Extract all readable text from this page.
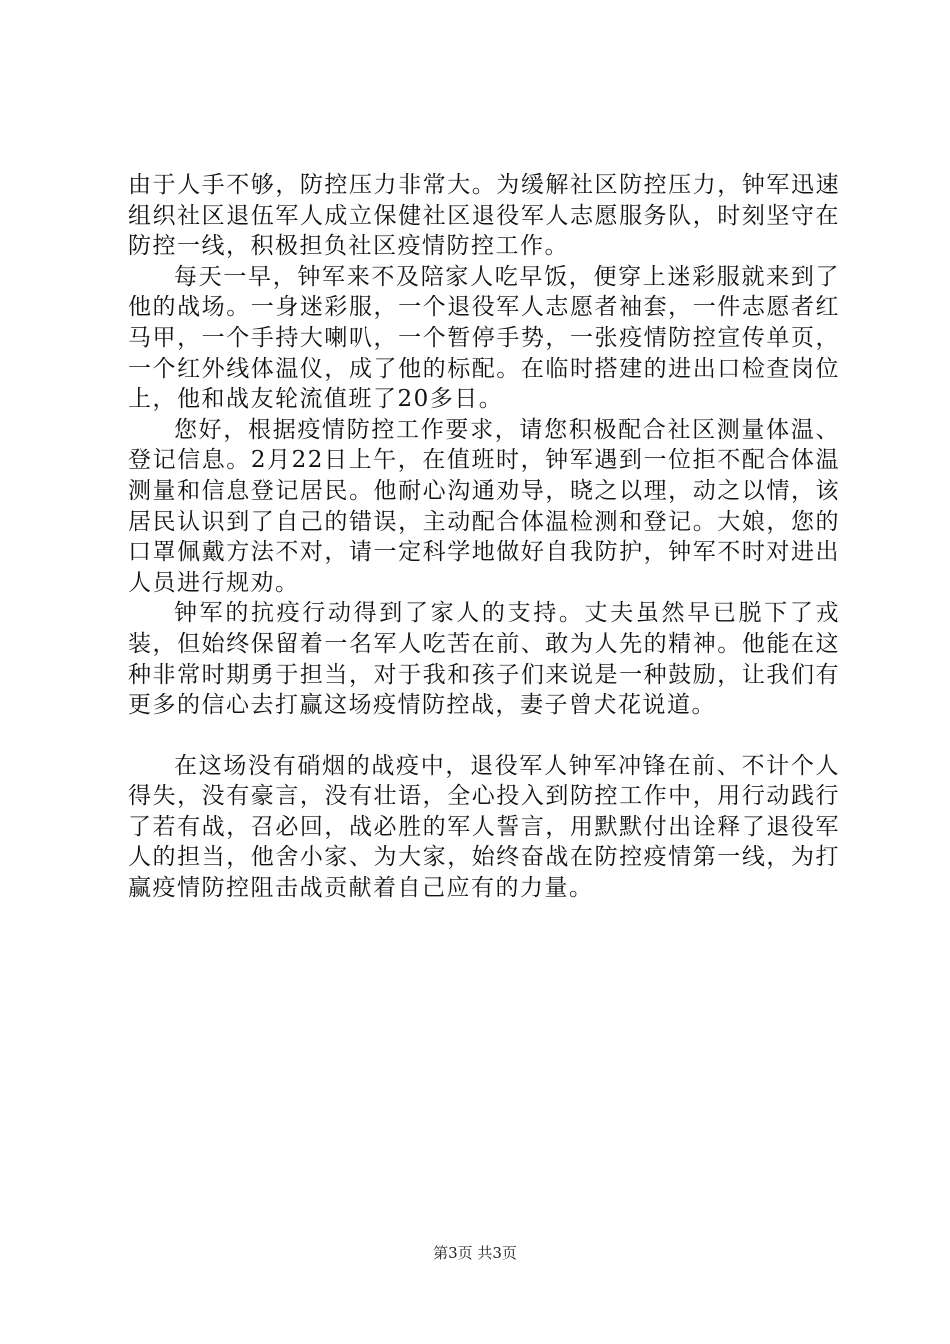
由于人手不够，防控压力非常大。为缓解社区防控压力，钟军迅速组织社区退伍军人成立保健社区退役军人志愿服务队，时刻坚守在防控一线，积极担负社区疫情防控工作。

每天一早，钟军来不及陪家人吃早饭，便穿上迷彩服就来到了他的战场。一身迷彩服，一个退役军人志愿者袖套，一件志愿者红马甲，一个手持大喇叭，一个暂停手势，一张疫情防控宣传单页，一个红外线体温仪，成了他的标配。在临时搭建的进出口检查岗位上，他和战友轮流值班了20多日。

您好，根据疫情防控工作要求，请您积极配合社区测量体温、登记信息。2月22日上午，在值班时，钟军遇到一位拒不配合体温测量和信息登记居民。他耐心沟通劝导，晓之以理，动之以情，该居民认识到了自己的错误，主动配合体温检测和登记。大娘，您的口罩佩戴方法不对，请一定科学地做好自我防护，钟军不时对进出人员进行规劝。

钟军的抗疫行动得到了家人的支持。丈夫虽然早已脱下了戎装，但始终保留着一名军人吃苦在前、敢为人先的精神。他能在这种非常时期勇于担当，对于我和孩子们来说是一种鼓励，让我们有更多的信心去打赢这场疫情防控战，妻子曾犬花说道。

在这场没有硝烟的战疫中，退役军人钟军冲锋在前、不计个人得失，没有豪言，没有壮语，全心投入到防控工作中，用行动践行了若有战，召必回，战必胜的军人誓言，用默默付出诠释了退役军人的担当，他舍小家、为大家，始终奋战在防控疫情第一线，为打赢疫情防控阻击战贡献着自己应有的力量。

第3页 共3页
